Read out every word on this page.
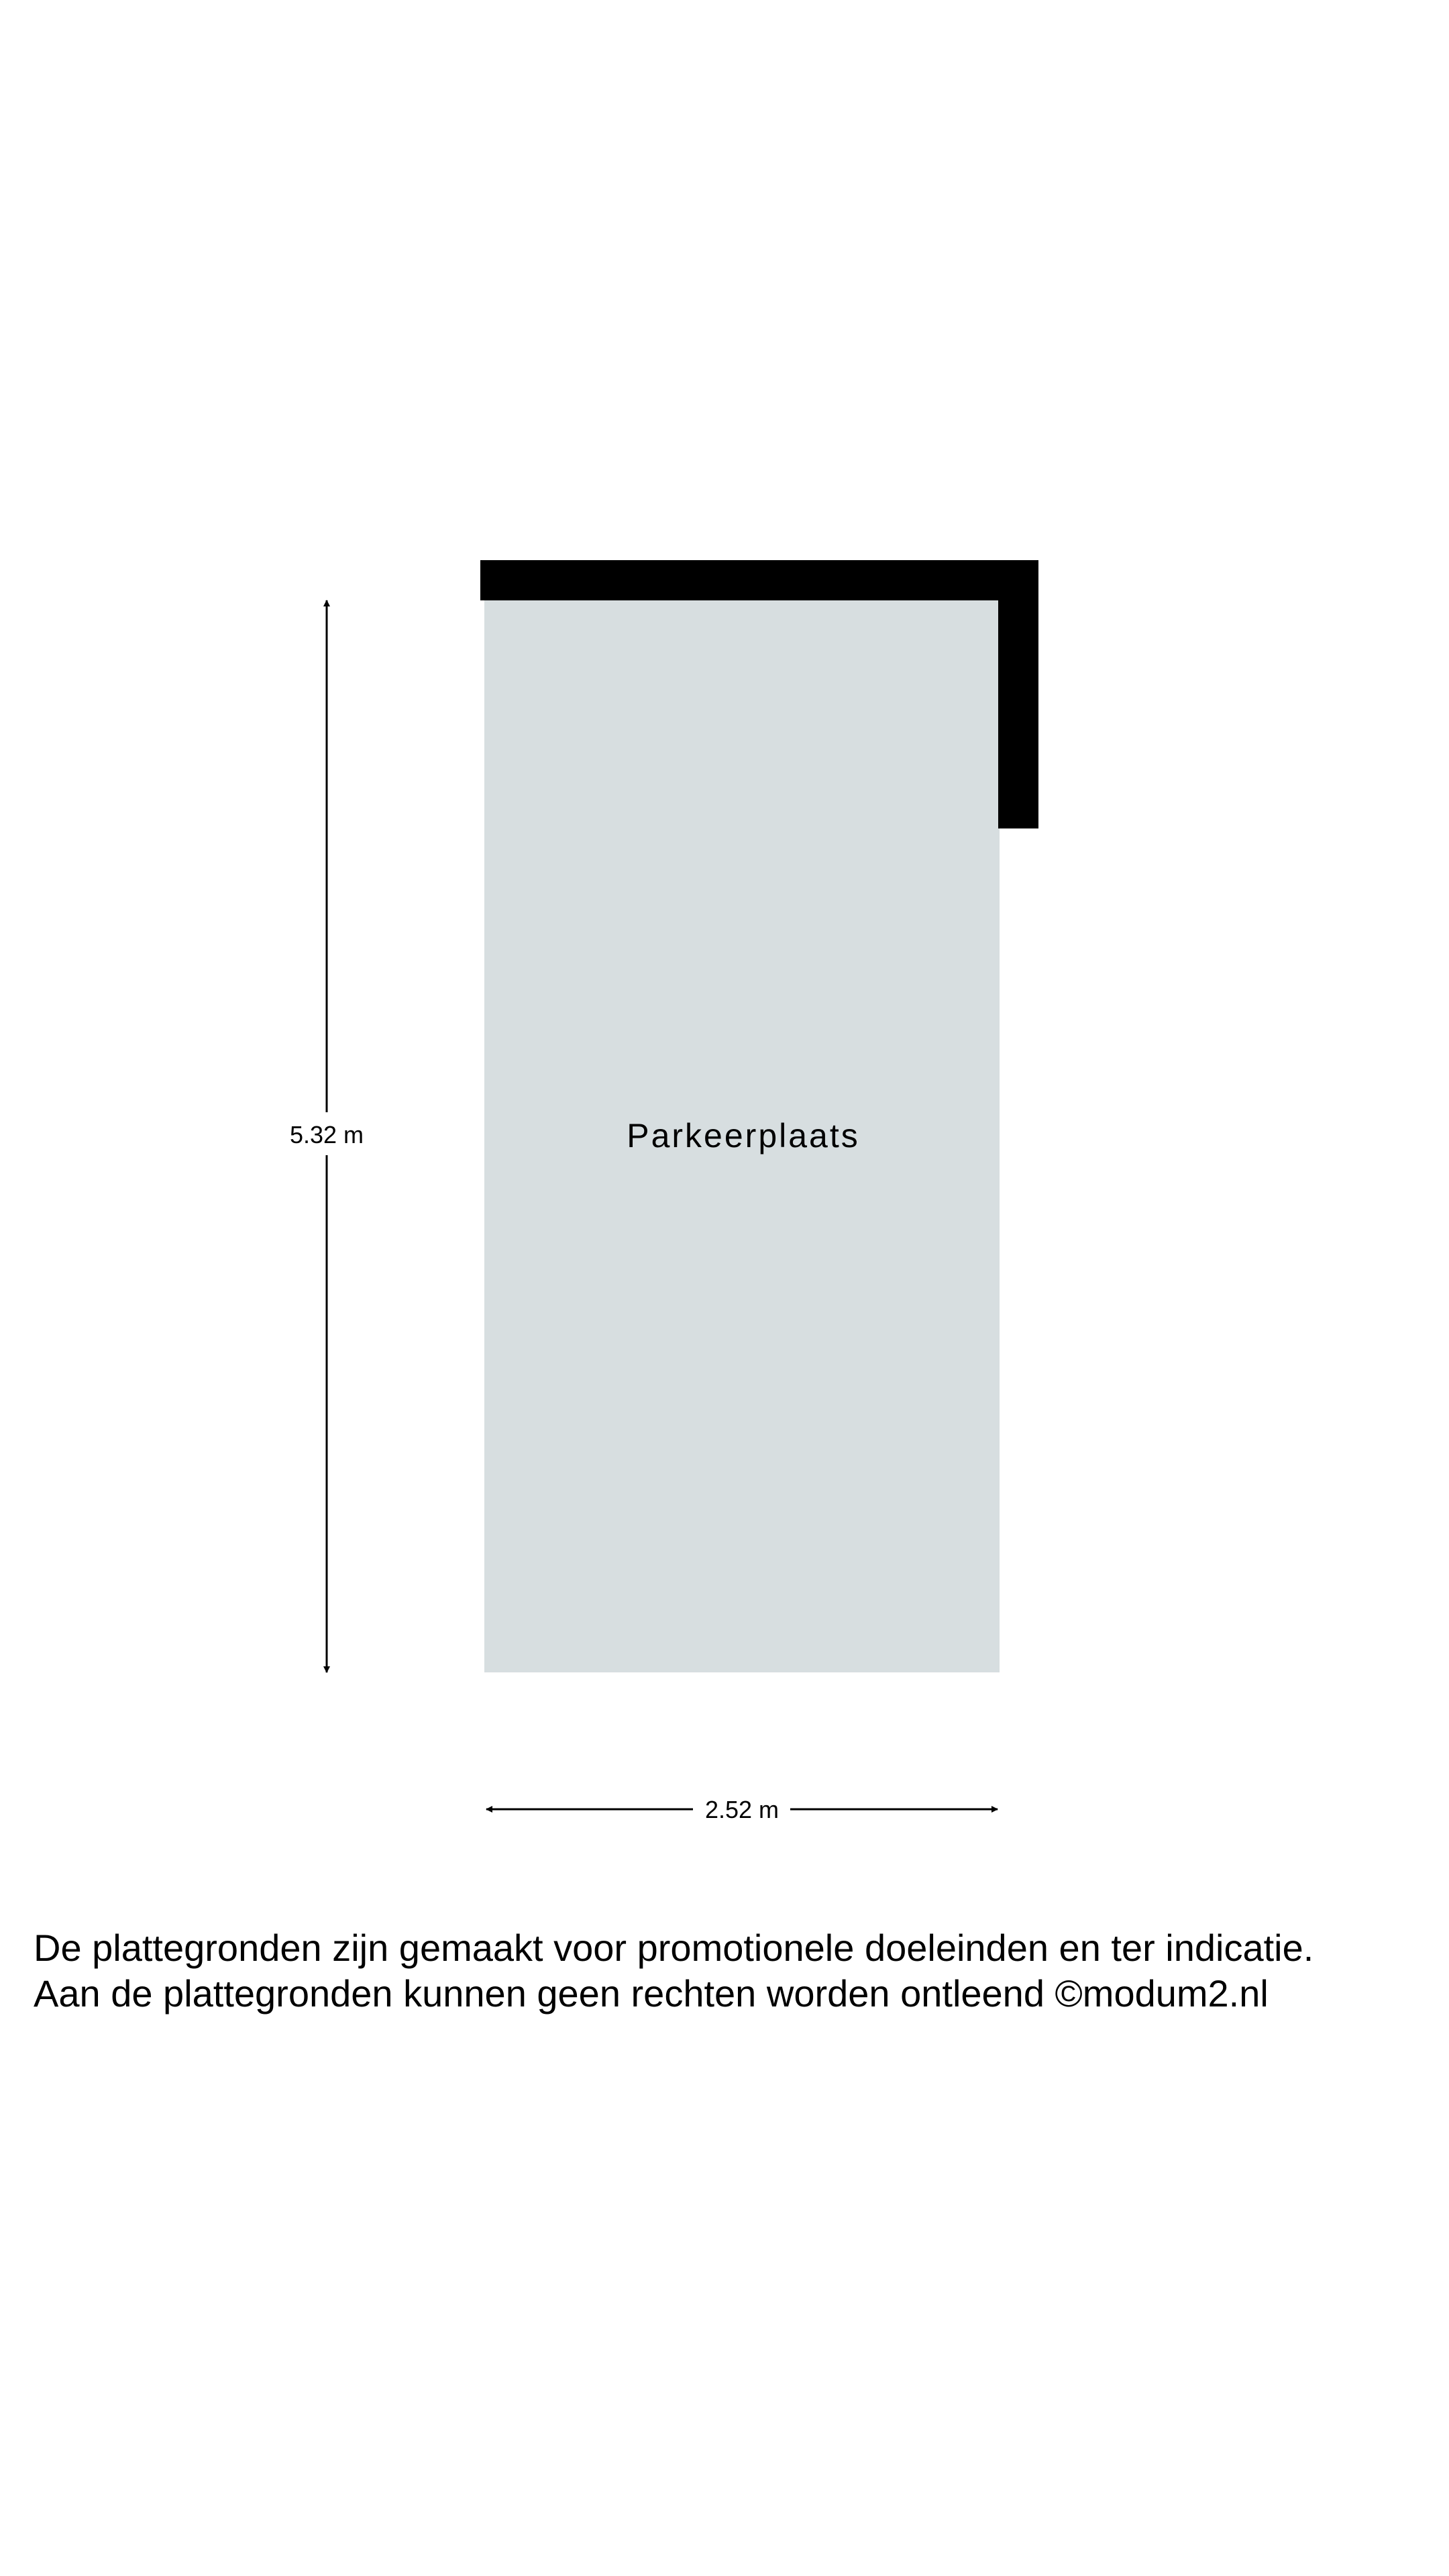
Parkeerplaats
5.32 m
2.52 m
De plattegronden zijn gemaakt voor promotionele doeleinden en ter indicatie.
Aan de plattegronden kunnen geen rechten worden ontleend ©modum2.nl
